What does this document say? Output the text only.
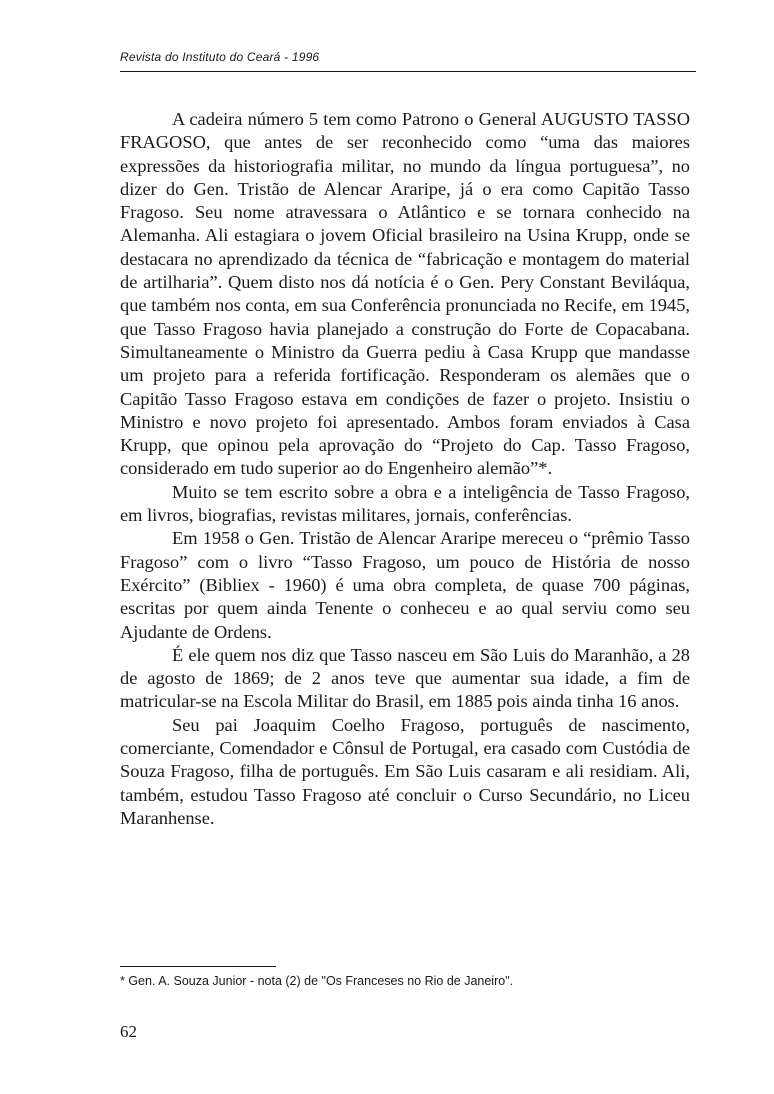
Revista do Instituto do Ceará - 1996

A cadeira número 5 tem como Patrono o General AUGUSTO TASSO FRAGOSO, que antes de ser reconhecido como “uma das maiores expressões da historiografia militar, no mundo da língua portuguesa”, no dizer do Gen. Tristão de Alencar Araripe, já o era como Capitão Tasso Fragoso. Seu nome atravessara o Atlântico e se tornara conhecido na Alemanha. Ali estagiara o jovem Oficial brasileiro na Usina Krupp, onde se destacara no aprendizado da técnica de “fabricação e montagem do material de artilharia”. Quem disto nos dá notícia é o Gen. Pery Constant Beviláqua, que também nos conta, em sua Conferência pronunciada no Recife, em 1945, que Tasso Fragoso havia planejado a construção do Forte de Copacabana. Simultaneamente o Ministro da Guerra pediu à Casa Krupp que mandasse um projeto para a referida fortificação. Responderam os alemães que o Capitão Tasso Fragoso estava em condições de fazer o projeto. Insistiu o Ministro e novo projeto foi apresentado. Ambos foram enviados à Casa Krupp, que opinou pela aprovação do “Projeto do Cap. Tasso Fragoso, considerado em tudo superior ao do Engenheiro alemão”*.

Muito se tem escrito sobre a obra e a inteligência de Tasso Fragoso, em livros, biografias, revistas militares, jornais, conferências.

Em 1958 o Gen. Tristão de Alencar Araripe mereceu o “prêmio Tasso Fragoso” com o livro “Tasso Fragoso, um pouco de História de nosso Exército” (Bibliex - 1960) é uma obra completa, de quase 700 páginas, escritas por quem ainda Tenente o conheceu e ao qual serviu como seu Ajudante de Ordens.

É ele quem nos diz que Tasso nasceu em São Luis do Maranhão, a 28 de agosto de 1869; de 2 anos teve que aumentar sua idade, a fim de matricular-se na Escola Militar do Brasil, em 1885 pois ainda tinha 16 anos.

Seu pai Joaquim Coelho Fragoso, português de nascimento, comerciante, Comendador e Cônsul de Portugal, era casado com Custódia de Souza Fragoso, filha de português. Em São Luis casaram e ali residiam. Ali, também, estudou Tasso Fragoso até concluir o Curso Secundário, no Liceu Maranhense.

* Gen. A. Souza Junior - nota (2) de "Os Franceses no Rio de Janeiro".
62
